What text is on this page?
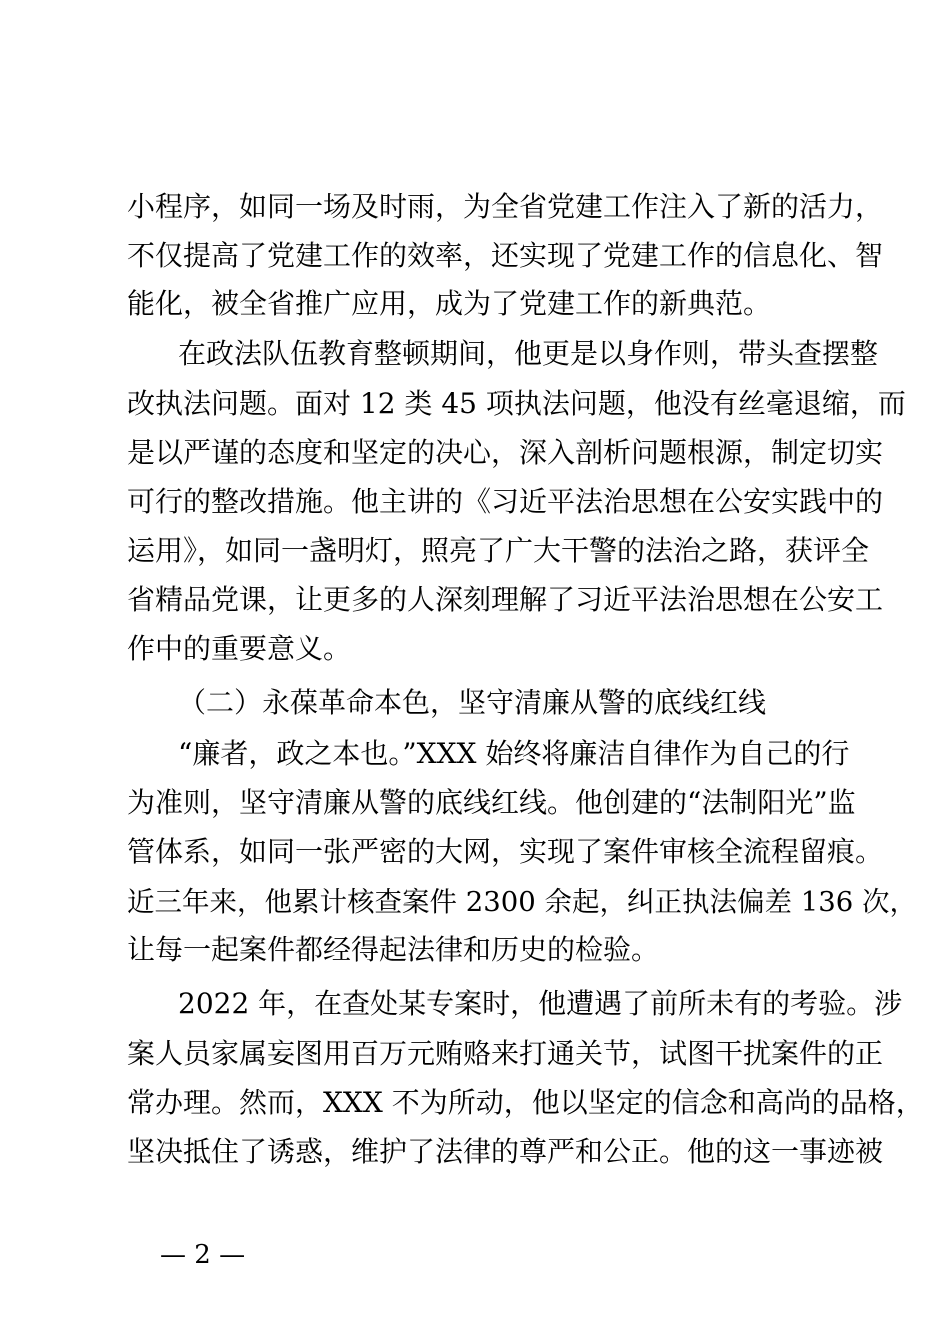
小程序，如同一场及时雨，为全省党建工作注入了新的活力，
不仅提高了党建工作的效率，还实现了党建工作的信息化、智
能化，被全省推广应用，成为了党建工作的新典范。
在政法队伍教育整顿期间，他更是以身作则，带头查摆整
改执法问题。面对 12 类 45 项执法问题，他没有丝毫退缩，而
是以严谨的态度和坚定的决心，深入剖析问题根源，制定切实
可行的整改措施。他主讲的《习近平法治思想在公安实践中的
运用》，如同一盏明灯，照亮了广大干警的法治之路，获评全
省精品党课，让更多的人深刻理解了习近平法治思想在公安工
作中的重要意义。
（二）永葆革命本色，坚守清廉从警的底线红线
“廉者，政之本也。”XXX 始终将廉洁自律作为自己的行
为准则，坚守清廉从警的底线红线。他创建的“法制阳光”监
管体系，如同一张严密的大网，实现了案件审核全流程留痕。
近三年来，他累计核查案件 2300 余起，纠正执法偏差 136 次，
让每一起案件都经得起法律和历史的检验。
2022 年，在查处某专案时，他遭遇了前所未有的考验。涉
案人员家属妄图用百万元贿赂来打通关节，试图干扰案件的正
常办理。然而，XXX 不为所动，他以坚定的信念和高尚的品格，
坚决抵住了诱惑，维护了法律的尊严和公正。他的这一事迹被
— 2 —
